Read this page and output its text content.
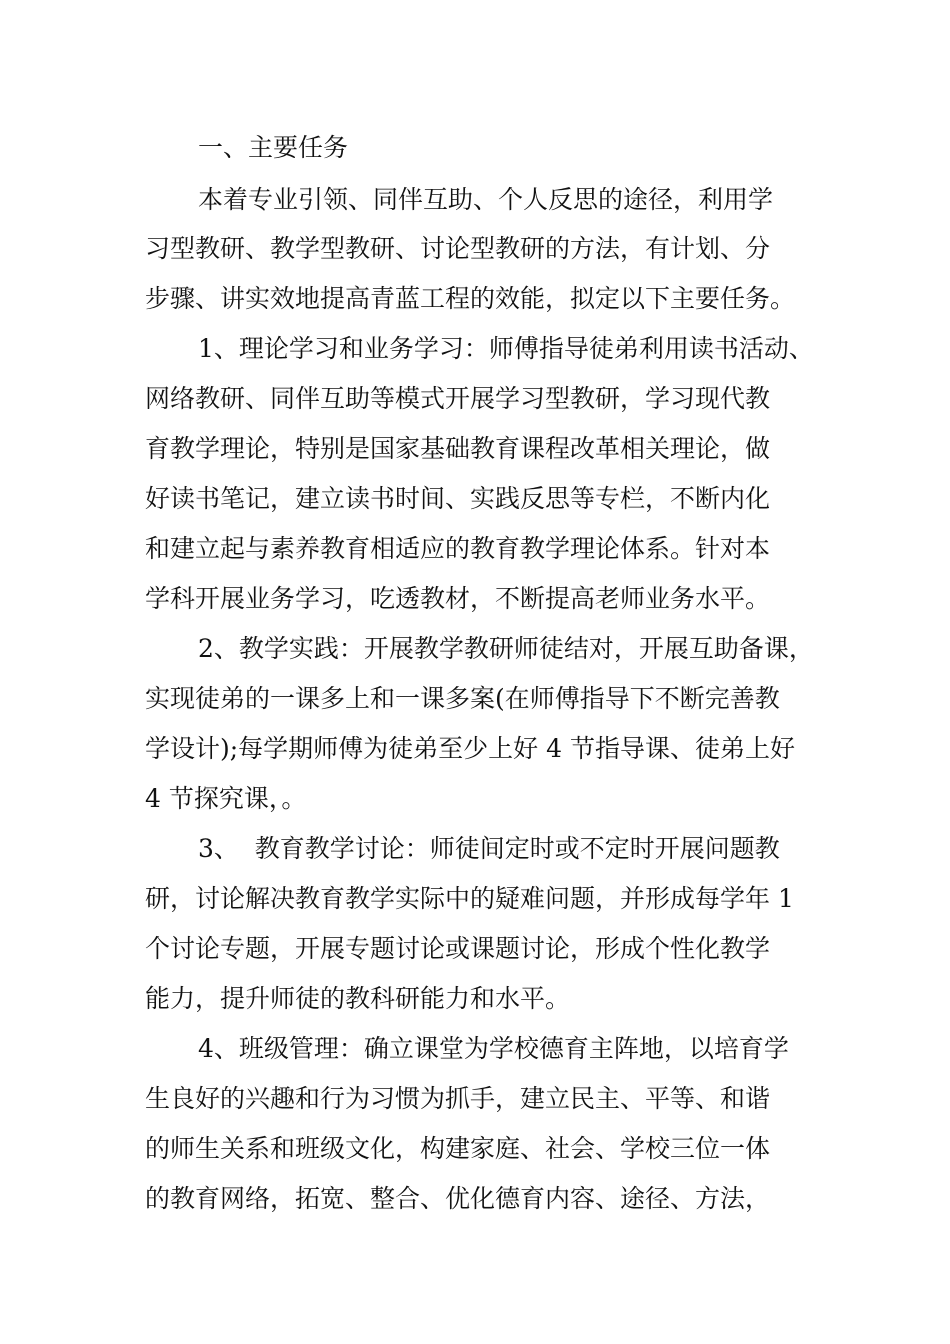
一、主要任务

本着专业引领、同伴互助、个人反思的途径，利用学

习型教研、教学型教研、讨论型教研的方法，有计划、分

步骤、讲实效地提高青蓝工程的效能，拟定以下主要任务。

1、理论学习和业务学习：师傅指导徒弟利用读书活动、

网络教研、同伴互助等模式开展学习型教研，学习现代教

育教学理论，特别是国家基础教育课程改革相关理论，做

好读书笔记，建立读书时间、实践反思等专栏，不断内化

和建立起与素养教育相适应的教育教学理论体系。针对本

学科开展业务学习，吃透教材，不断提高老师业务水平。

2、教学实践：开展教学教研师徒结对，开展互助备课，

实现徒弟的一课多上和一课多案(在师傅指导下不断完善教

学设计);每学期师傅为徒弟至少上好 4 节指导课、徒弟上好

4 节探究课，。

3、  教育教学讨论：师徒间定时或不定时开展问题教

研，讨论解决教育教学实际中的疑难问题，并形成每学年 1

个讨论专题，开展专题讨论或课题讨论，形成个性化教学

能力，提升师徒的教科研能力和水平。

4、班级管理：确立课堂为学校德育主阵地，以培育学

生良好的兴趣和行为习惯为抓手，建立民主、平等、和谐

的师生关系和班级文化，构建家庭、社会、学校三位一体

的教育网络，拓宽、整合、优化德育内容、途径、方法，
